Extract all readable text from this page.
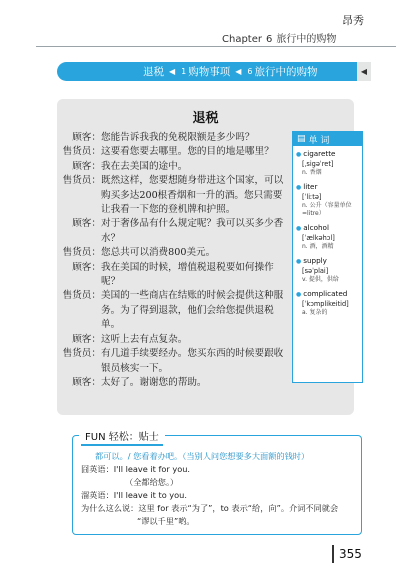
Chapter 6 旅行中的购物
昂秀
退税 ◀ 1 购物事项 ◀ 6 旅行中的购物	◀
退税
顾客： 您能告诉我我的免税限额是多少吗？
售货员： 这要看您要去哪里。您的目的地是哪里？
顾客： 我在去美国的途中。
售货员： 既然这样，您要想随身带进这个国家，可以购买多达200根香烟和一升的酒。您只需要让我看一下您的登机牌和护照。
顾客： 对于奢侈品有什么规定呢？我可以买多少香水？
售货员： 您总共可以消费800美元。
顾客： 我在美国的时候，增值税退税要如何操作呢？
售货员： 美国的一些商店在结账的时候会提供这种服务。为了得到退款，他们会给您提供退税单。
顾客： 这听上去有点复杂。
售货员： 有几道手续要经办。您买东西的时候要跟收银员核实一下。
顾客： 太好了。谢谢您的帮助。
▤ 单 词
● cigarette
[ˌsigəˈret]
n. 香烟
● liter
[ˈliːtə]
n. 公升（容量单位=litre）
● alcohol
[ˈælkəhɔl]
n. 酒，酒精
● supply
[səˈplai]
v. 提供，供给
● complicated
[ˈkɔmplikeitid]
a. 复杂的
FUN 轻松：贴士
都可以。/ 您看着办吧。（当别人问您想要多大面额的钱时）
囧英语： I'll leave it for you.
（全都给您。）
溜英语： I'll leave it to you.
为什么这么说： 这里 for 表示“为了”，to 表示“给，向”。介词不同就会
“谬以千里”哟。
355
